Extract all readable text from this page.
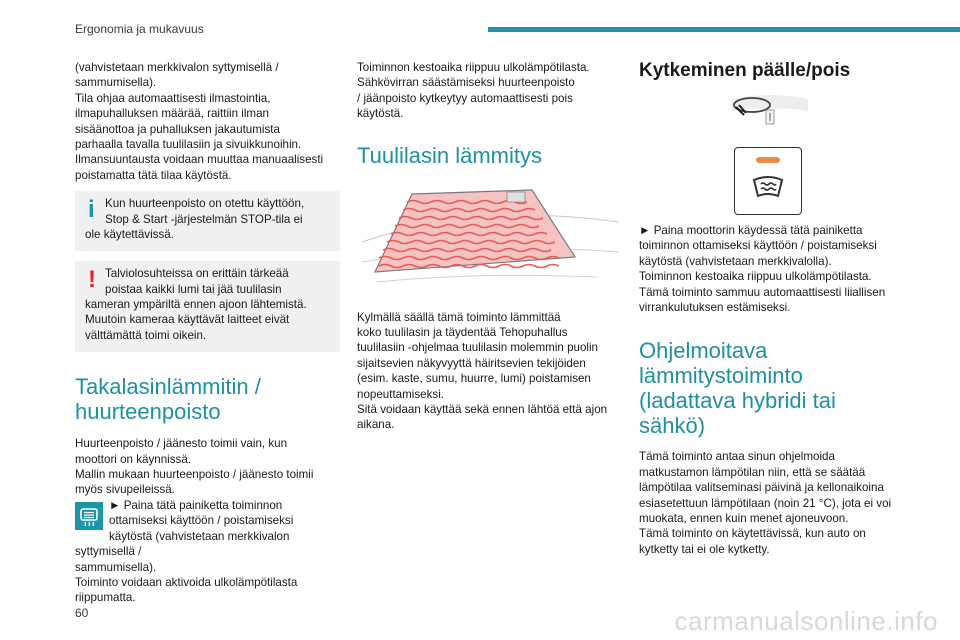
Ergonomia ja mukavuus

(vahvistetaan merkkivalon syttymisellä /
sammumisella).
Tila ohjaa automaattisesti ilmastointia,
ilmapuhalluksen määrää, raittiin ilman
sisäänottoa ja puhalluksen jakautumista
parhaalla tavalla tuulilasiin ja sivuikkunoihin.
Ilmansuuntausta voidaan muuttaa manuaalisesti
poistamatta tätä tilaa käytöstä.

i Kun huurteenpoisto on otettu käyttöön,
Stop & Start -järjestelmän STOP-tila ei
ole käytettävissä.

! Talviolosuhteissa on erittäin tärkeää
poistaa kaikki lumi tai jää tuulilasin
kameran ympäriltä ennen ajoon lähtemistä.
Muutoin kameraa käyttävät laitteet eivät
välttämättä toimi oikein.

Takalasinlämmitin /
huurteenpoisto

Huurteenpoisto / jäänesto toimii vain, kun
moottori on käynnissä.
Mallin mukaan huurteenpoisto / jäänesto toimii
myös sivupeileissä.

► Paina tätä painiketta toiminnon
ottamiseksi käyttöön / poistamiseksi

käytöstä (vahvistetaan merkkivalon syttymisellä /
sammumisella).
Toiminto voidaan aktivoida ulkolämpötilasta
riippumatta.

Toiminnon kestoaika riippuu ulkolämpötilasta.
Sähkövirran säästämiseksi huurteenpoisto
/ jäänpoisto kytkeytyy automaattisesti pois
käytöstä.

Tuulilasin lämmitys

Kylmällä säällä tämä toiminto lämmittää
koko tuulilasin ja täydentää Tehopuhallus
tuulilasiin -ohjelmaa tuulilasin molemmin puolin
sijaitsevien näkyvyyttä häiritsevien tekijöiden
(esim. kaste, sumu, huurre, lumi) poistamisen
nopeuttamiseksi.
Sitä voidaan käyttää sekä ennen lähtöä että ajon
aikana.

Kytkeminen päälle/pois

► Paina moottorin käydessä tätä painiketta
toiminnon ottamiseksi käyttöön / poistamiseksi
käytöstä (vahvistetaan merkkivalolla).
Toiminnon kestoaika riippuu ulkolämpötilasta.
Tämä toiminto sammuu automaattisesti liiallisen
virrankulutuksen estämiseksi.

Ohjelmoitava
lämmitystoiminto
(ladattava hybridi tai
sähkö)

Tämä toiminto antaa sinun ohjelmoida
matkustamon lämpötilan niin, että se säätää
lämpötilaa valitseminasi päivinä ja kellonaikoina
esiasetettuun lämpötilaan (noin 21 °C), jota ei voi
muokata, ennen kuin menet ajoneuvoon.
Tämä toiminto on käytettävissä, kun auto on
kytketty tai ei ole kytketty.

60	carmanualsonline.info
